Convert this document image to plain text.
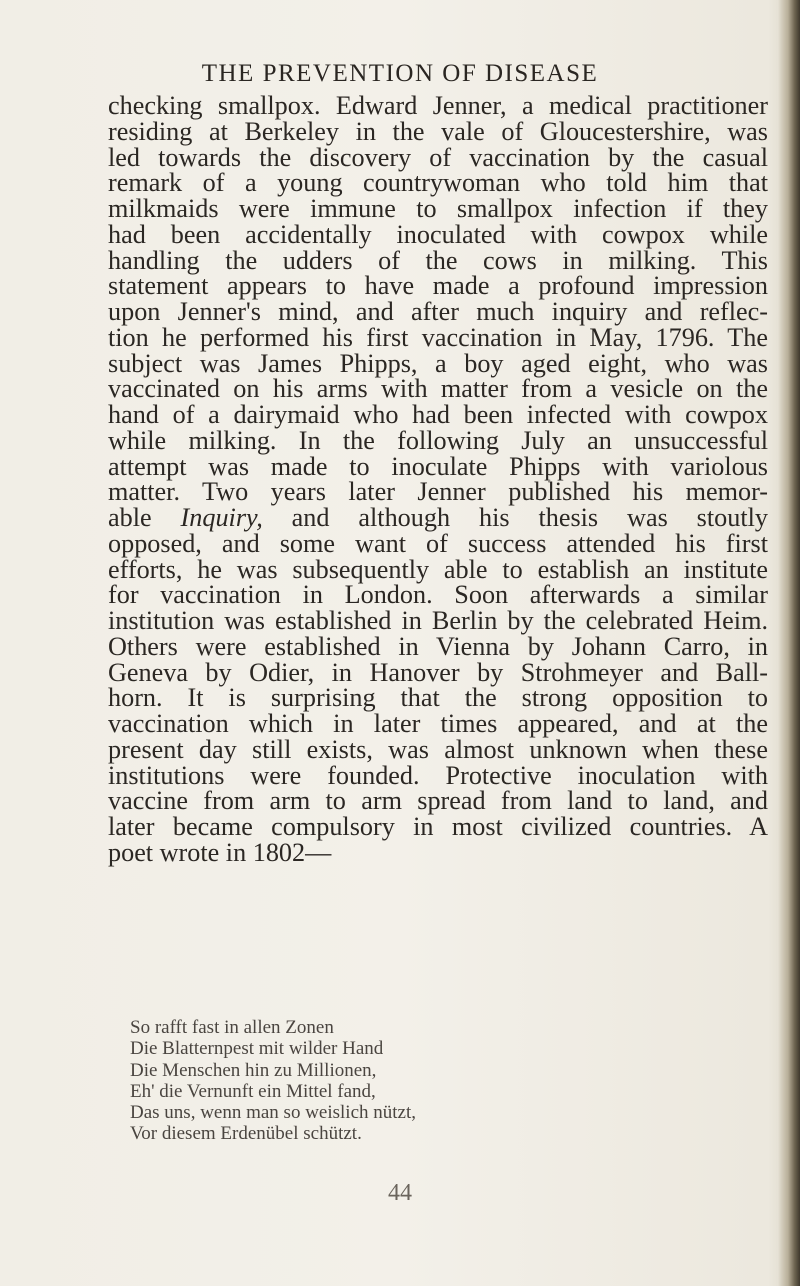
THE PREVENTION OF DISEASE
checking smallpox. Edward Jenner, a medical practitioner
residing at Berkeley in the vale of Gloucestershire, was
led towards the discovery of vaccination by the casual
remark of a young countrywoman who told him that
milkmaids were immune to smallpox infection if they
had been accidentally inoculated with cowpox while
handling the udders of the cows in milking. This
statement appears to have made a profound impression
upon Jenner's mind, and after much inquiry and reflec-
tion he performed his first vaccination in May, 1796. The
subject was James Phipps, a boy aged eight, who was
vaccinated on his arms with matter from a vesicle on the
hand of a dairymaid who had been infected with cowpox
while milking. In the following July an unsuccessful
attempt was made to inoculate Phipps with variolous
matter. Two years later Jenner published his memor-
able Inquiry, and although his thesis was stoutly
opposed, and some want of success attended his first
efforts, he was subsequently able to establish an institute
for vaccination in London. Soon afterwards a similar
institution was established in Berlin by the celebrated Heim.
Others were established in Vienna by Johann Carro, in
Geneva by Odier, in Hanover by Strohmeyer and Ball-
horn. It is surprising that the strong opposition to
vaccination which in later times appeared, and at the
present day still exists, was almost unknown when these
institutions were founded. Protective inoculation with
vaccine from arm to arm spread from land to land, and
later became compulsory in most civilized countries. A
poet wrote in 1802—
So rafft fast in allen Zonen
Die Blatternpest mit wilder Hand
Die Menschen hin zu Millionen,
Eh' die Vernunft ein Mittel fand,
Das uns, wenn man so weislich nützt,
Vor diesem Erdenübel schützt.
44
